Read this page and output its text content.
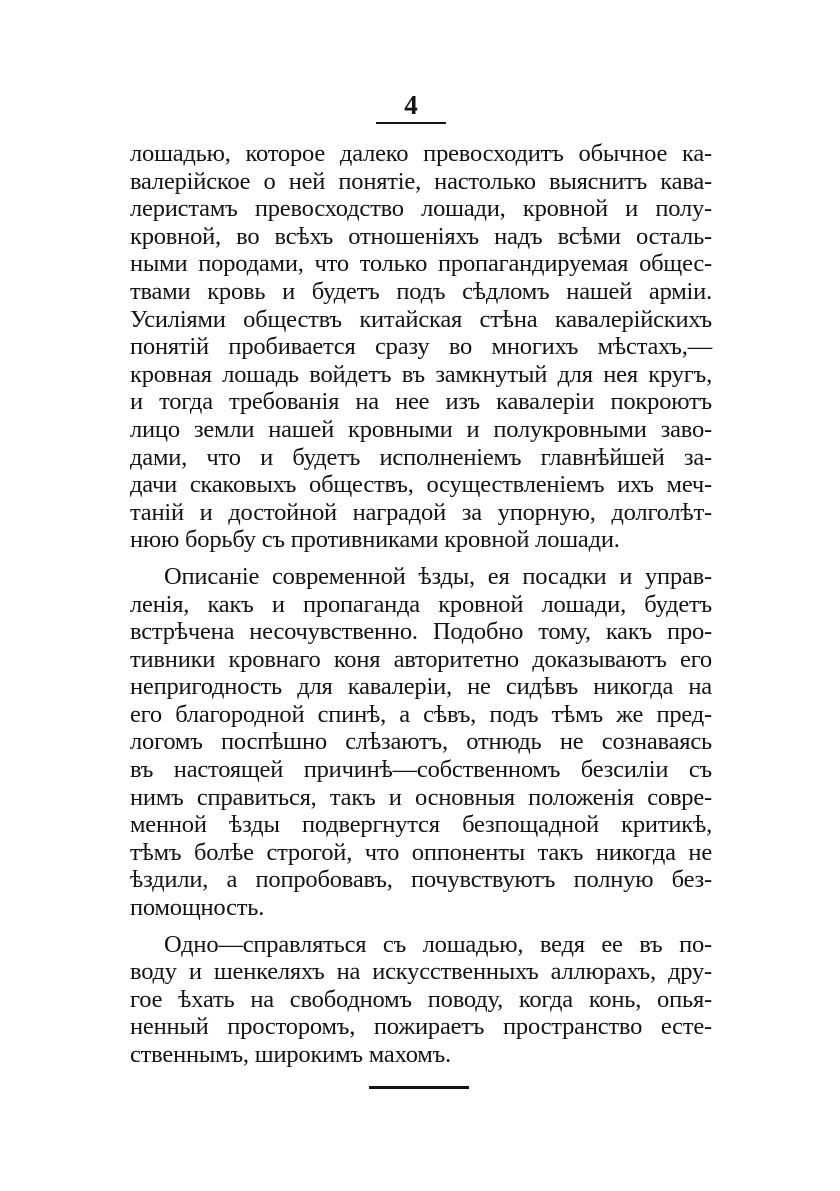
4
лошадью, которое далеко превосходитъ обычное ка-
валерійское о ней понятіе, настолько выяснитъ кава-
леристамъ превосходство лошади, кровной и полу-
кровной, во всѣхъ отношеніяхъ надъ всѣми осталь-
ными породами, что только пропагандируемая общес-
твами кровь и будетъ подъ сѣдломъ нашей арміи.
Усиліями обществъ китайская стѣна кавалерійскихъ
понятій пробивается сразу во многихъ мѣстахъ,—
кровная лошадь войдетъ въ замкнутый для нея кругъ,
и тогда требованія на нее изъ кавалеріи покроютъ
лицо земли нашей кровными и полукровными заво-
дами, что и будетъ исполненіемъ главнѣйшей за-
дачи скаковыхъ обществъ, осуществленіемъ ихъ меч-
таній и достойной наградой за упорную, долголѣт-
нюю борьбу съ противниками кровной лошади.
Описаніе современной ѣзды, ея посадки и управ-
ленія, какъ и пропаганда кровной лошади, будетъ
встрѣчена несочувственно. Подобно тому, какъ про-
тивники кровнаго коня авторитетно доказываютъ его
непригодность для кавалеріи, не сидѣвъ никогда на
его благородной спинѣ, а сѣвъ, подъ тѣмъ же пред-
логомъ поспѣшно слѣзаютъ, отнюдь не сознаваясь
въ настоящей причинѣ—собственномъ безсиліи съ
нимъ справиться, такъ и основныя положенія совре-
менной ѣзды подвергнутся безпощадной критикѣ,
тѣмъ болѣе строгой, что оппоненты такъ никогда не
ѣздили, а попробовавъ, почувствуютъ полную без-
помощность.
Одно—справляться съ лошадью, ведя ее въ по-
воду и шенкеляхъ на искусственныхъ аллюрахъ, дру-
гое ѣхать на свободномъ поводу, когда конь, опья-
ненный просторомъ, пожираетъ пространство есте-
ственнымъ, широкимъ махомъ.
